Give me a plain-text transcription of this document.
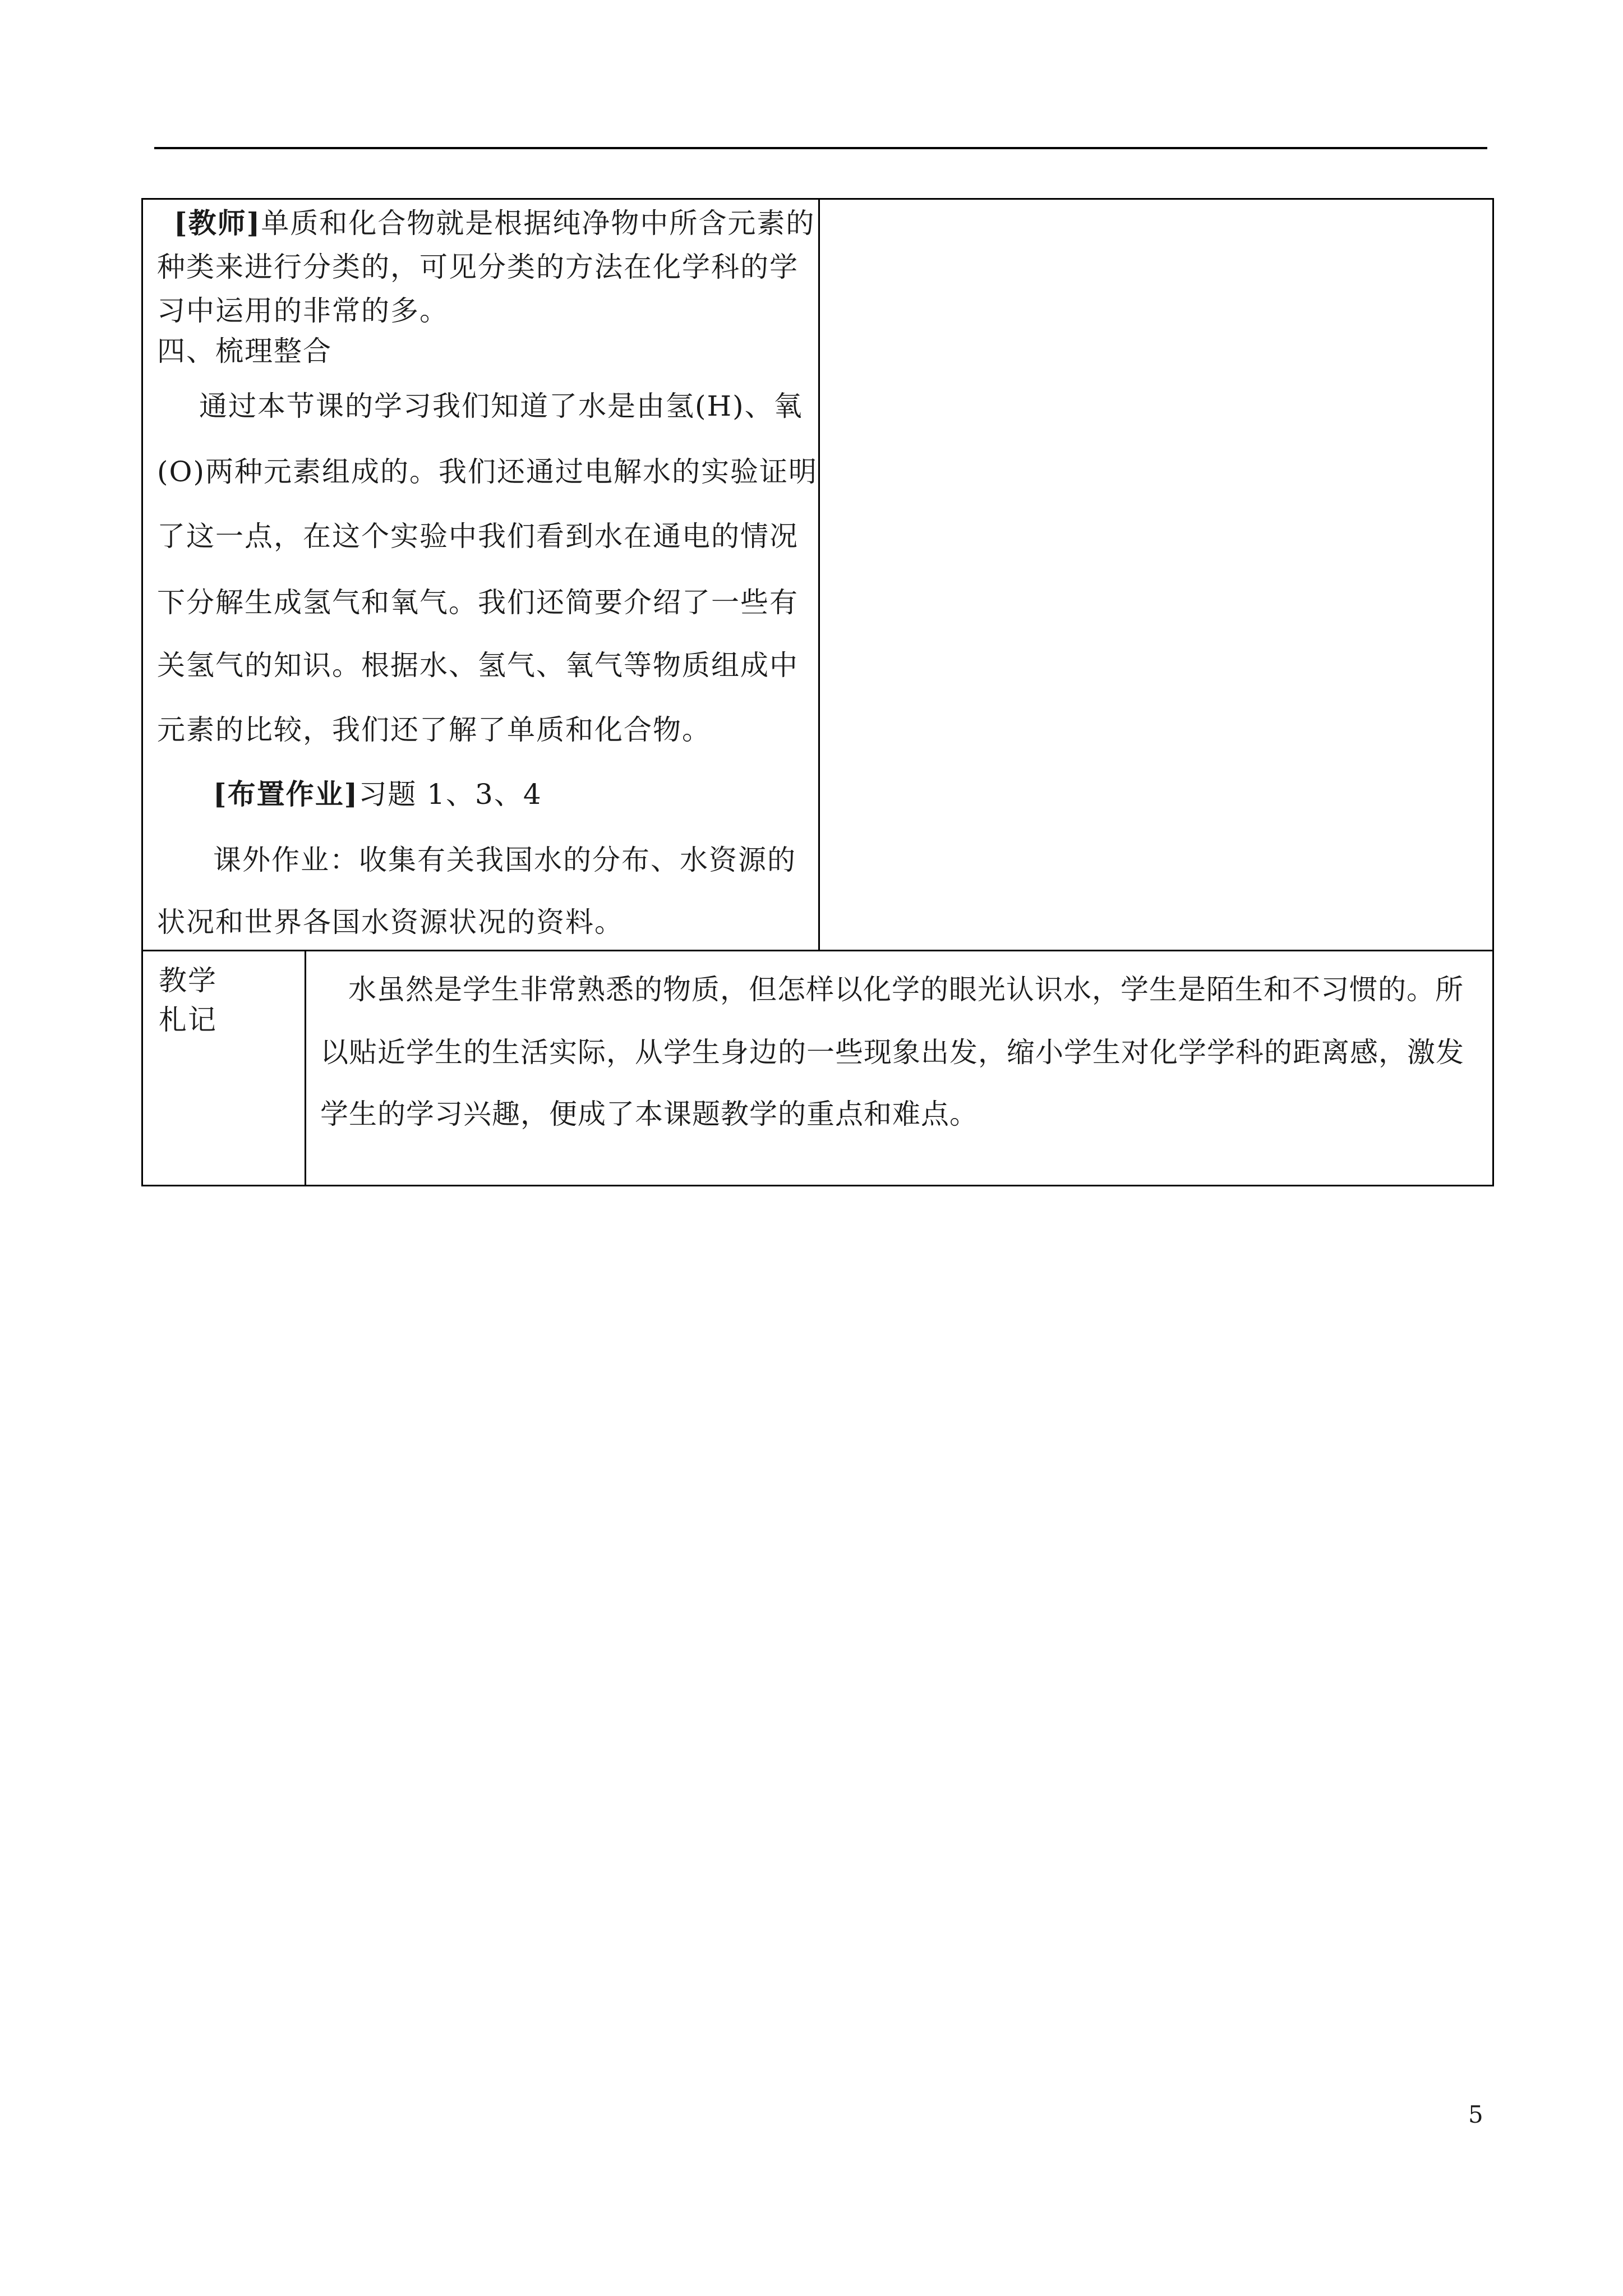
[教师]单质和化合物就是根据纯净物中所含元素的
种类来进行分类的，可见分类的方法在化学科的学
习中运用的非常的多。
四、梳理整合
通过本节课的学习我们知道了水是由氢(H)、氧
(O)两种元素组成的。我们还通过电解水的实验证明
了这一点，在这个实验中我们看到水在通电的情况
下分解生成氢气和氧气。我们还简要介绍了一些有
关氢气的知识。根据水、氢气、氧气等物质组成中
元素的比较，我们还了解了单质和化合物。
[布置作业]习题 1、3、4
课外作业：收集有关我国水的分布、水资源的
状况和世界各国水资源状况的资料。
教学
札记
水虽然是学生非常熟悉的物质，但怎样以化学的眼光认识水，学生是陌生和不习惯的。所
以贴近学生的生活实际，从学生身边的一些现象出发，缩小学生对化学学科的距离感，激发
学生的学习兴趣，便成了本课题教学的重点和难点。
5
